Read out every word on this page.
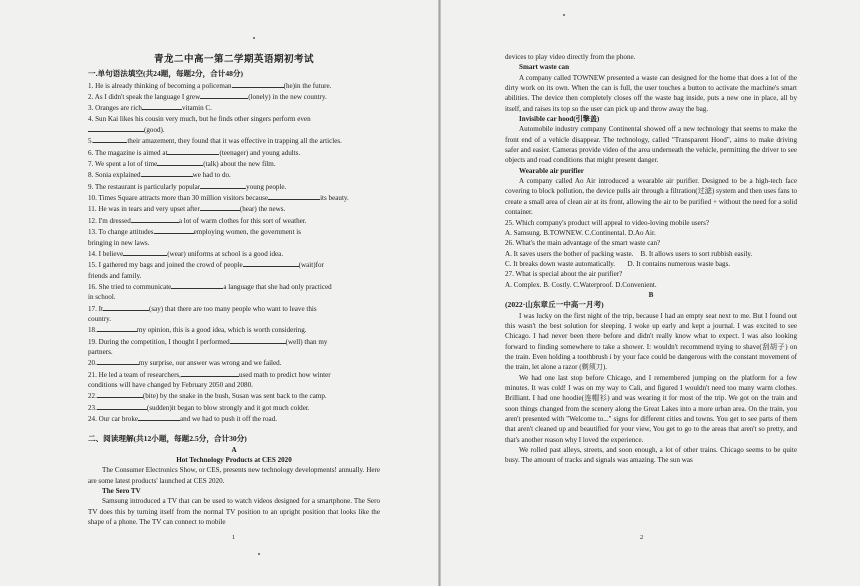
青龙二中高一第二学期英语期初考试
一.单句语法填空(共24题，每题2分，合计48分)
1. He is already thinking of becoming a policeman	(he)in the future.
2. As I didn't speak the language I grew	(lonely) in the new country.
3. Oranges are rich	vitamin C.
4. Sun Kai likes his cousin very much, but he finds other singers perform even
(good).
5.	their amazement, they found that it was effective in trapping all the articles.
6. The magazine is aimed at	(teenager) and young adults.
7. We spent a lot of time	(talk) about the new film.
8. Sonia explained	we had to do.
9. The restaurant is particularly popular	young people.
10. Times Square attracts more than 30 million visitors because	its beauty.
11. He was in tears and very upset after	(hear) the news.
12. I'm dressed	a lot of warm clothes for this sort of weather.
13. To change attitudes	employing women, the government is
bringing in new laws.
14. I believe	(wear) uniforms at school is a good idea.
15. I gathered my bags and joined the crowd of people	(wait)for
friends and family.
16. She tried to communicate	a language that she had only practiced
in school.
17. It	(say) that there are too many people who want to leave this
country.
18.	my opinion, this is a good idea, which is worth considering.
19. During the competition, I thought I performed	(well) than my
partners.
20.	my surprise, our answer was wrong and we failed.
21. He led a team of researchers,	used math to predict how winter
conditions will have changed by February 2050 and 2080.
22.	(bite) by the snake in the bush, Susan was sent back to the camp.
23.	(sudden)it began to blow strongly and it got much colder.
24. Our car broke	and we had to push it off the road.
二、阅读理解(共12小题，每题2.5分，合计30分)
A
Hot Technology Products at CES 2020
The Consumer Electronics Show, or CES, presents new technology developments! annually. Here are some latest products' launched at CES 2020.
The Sero TV
Samsung introduced a TV that can be used to watch videos designed for a smartphone. The Sero TV does this by turning itself from the normal TV position to an upright position that looks like the shape of a phone. The TV can connect to mobile
1
devices to play video directly from the phone.
Smart waste can
A company called TOWNEW presented a waste can designed for the home that does a lot of the dirty work on its own. When the can is full, the user touches a button to activate the machine's smart abilities. The device then completely closes off the waste bag inside, puts a new one in place, all by itself, and raises its top so the user can pick up and throw away the bag.
Invisible car hood(引擎盖)
Automobile industry company Continental showed off a new technology that seems to make the front end of a vehicle disappear. The technology, called "Transparent Hood", aims to make driving safer and easier. Cameras provide video of the area underneath the vehicle, permitting the driver to see objects and road conditions that might present danger.
Wearable air purifier
A company called Ao Air introduced a wearable air purifier. Designed to be a high-tech face covering to block pollution, the device pulls air through a filtration(过滤) system and then uses fans to create a small area of clean air at its front, allowing the air to be purified + without the need for a solid container.
25. Which company's product will appeal to video-loving mobile users?
A. Samsung. B.TOWNEW. C.Continental. D.Ao Air.
26. What's the main advantage of the smart waste can?
A. It saves users the bother of packing waste. B. It allows users to sort rubbish easily.
C. It breaks down waste automatically. D. It contains numerous waste bags.
27. What is special about the air purifier?
A. Complex. B. Costly. C.Waterproof. D.Convenient.
B
(2022·山东章丘一中高一月考)
I was lucky on the first night of the trip, because I had an empty seat next to me. But I found out this wasn't the best solution for sleeping. I woke up early and kept a journal. I was excited to see Chicago. I had never been there before and didn't really know what to expect. I was also looking forward to finding somewhere to take a shower. I: wouldn't recommend trying to shave(刮胡子) on the train. Even holding a toothbrush i by your face could be dangerous with the constant movement of the train, let alone a razor (剃须刀).
We had one last stop before Chicago, and I remembered jumping on the platform for a few minutes. It was cold! I was on my way to Cali, and figured I wouldn't need too many warm clothes. Brilliant. I had one hoodie(连帽衫) and was wearing it for most of the trip. We got on the train and soon things changed from the scenery along the Great Lakes into a more urban area. On the train, you aren't presented with "Welcome to..." signs for different cities and towns. You get to see parts of them that aren't cleaned up and beautified for your view, You get to go to the areas that aren't so pretty, and that's another reason why I loved the experience.
We rolled past alleys, streets, and soon enough, a lot of other trains. Chicago seems to be quite busy. The amount of tracks and signals was amazing. The sun was
2
